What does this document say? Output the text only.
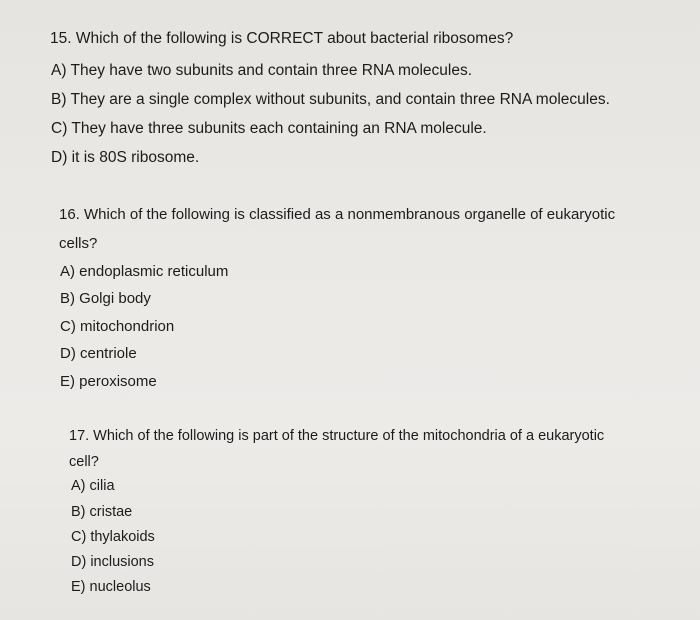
15. Which of the following is CORRECT about bacterial ribosomes?
A) They have two subunits and contain three RNA molecules.
B) They are a single complex without subunits, and contain three RNA molecules.
C) They have three subunits each containing an RNA molecule.
D) it is 80S ribosome.
16. Which of the following is classified as a nonmembranous organelle of eukaryotic
cells?
A) endoplasmic reticulum
B) Golgi body
C) mitochondrion
D) centriole
E) peroxisome
17. Which of the following is part of the structure of the mitochondria of a eukaryotic
cell?
A) cilia
B) cristae
C) thylakoids
D) inclusions
E) nucleolus
